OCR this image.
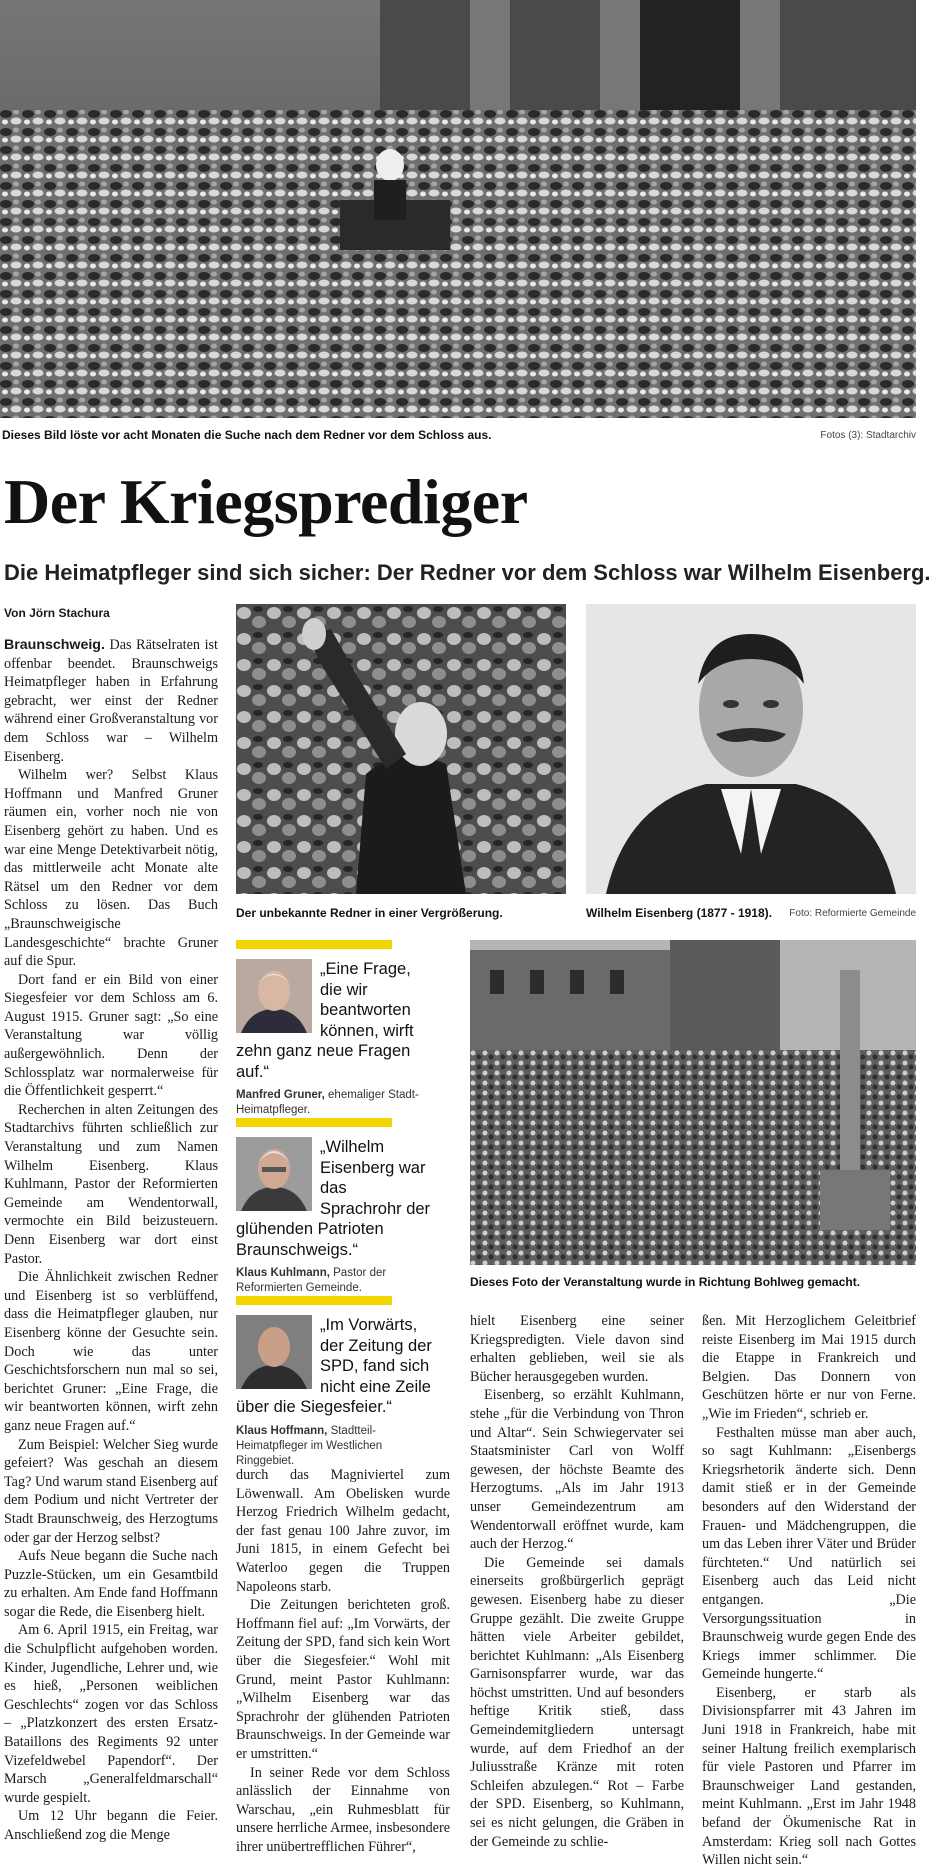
Dieses Bild löste vor acht Monaten die Suche nach dem Redner vor dem Schloss aus.	Fotos (3): Stadtarchiv
Der Kriegsprediger
Die Heimatpfleger sind sich sicher: Der Redner vor dem Schloss war Wilhelm Eisenberg.
Von Jörn Stachura
Der unbekannte Redner in einer Vergrößerung.	Wilhelm Eisenberg (1877 - 1918). Foto: Reformierte Gemeinde
Dieses Foto der Veranstaltung wurde in Richtung Bohlweg gemacht.
„Eine Frage, die wir beantworten können, wirft zehn ganz neue Fragen auf.“
Manfred Gruner, ehemaliger Stadt-Heimatpfleger.
„Wilhelm Eisenberg war das Sprachrohr der glühenden Patrioten Braunschweigs.“
Klaus Kuhlmann, Pastor der Reformierten Gemeinde.
„Im Vorwärts, der Zeitung der SPD, fand sich nicht eine Zeile über die Siegesfeier.“
Klaus Hoffmann, Stadtteil-Heimatpfleger im Westlichen Ringgebiet.

Braunschweig. Das Rätselraten ist offenbar beendet. Braunschweigs Heimatpfleger haben in Erfahrung gebracht, wer einst der Redner während einer Großveranstaltung vor dem Schloss war – Wilhelm Eisenberg.

Wilhelm wer? Selbst Klaus Hoffmann und Manfred Gruner räumen ein, vorher noch nie von Eisenberg gehört zu haben. Und es war eine Menge Detektivarbeit nötig, das mittlerweile acht Monate alte Rätsel um den Redner vor dem Schloss zu lösen. Das Buch „Braunschweigische Landesgeschichte“ brachte Gruner auf die Spur.

Dort fand er ein Bild von einer Siegesfeier vor dem Schloss am 6. August 1915. Gruner sagt: „So eine Veranstaltung war völlig außergewöhnlich. Denn der Schlossplatz war normalerweise für die Öffentlichkeit gesperrt.“

Recherchen in alten Zeitungen des Stadtarchivs führten schließlich zur Veranstaltung und zum Namen Wilhelm Eisenberg. Klaus Kuhlmann, Pastor der Reformierten Gemeinde am Wendentorwall, vermochte ein Bild beizusteuern. Denn Eisenberg war dort einst Pastor.

Die Ähnlichkeit zwischen Redner und Eisenberg ist so verblüffend, dass die Heimatpfleger glauben, nur Eisenberg könne der Gesuchte sein. Doch wie das unter Geschichtsforschern nun mal so sei, berichtet Gruner: „Eine Frage, die wir beantworten können, wirft zehn ganz neue Fragen auf.“

Zum Beispiel: Welcher Sieg wurde gefeiert? Was geschah an diesem Tag? Und warum stand Eisenberg auf dem Podium und nicht Vertreter der Stadt Braunschweig, des Herzogtums oder gar der Herzog selbst?

Aufs Neue begann die Suche nach Puzzle-Stücken, um ein Gesamtbild zu erhalten. Am Ende fand Hoffmann sogar die Rede, die Eisenberg hielt.

Am 6. April 1915, ein Freitag, war die Schulpflicht aufgehoben worden. Kinder, Jugendliche, Lehrer und, wie es hieß, „Personen weiblichen Geschlechts“ zogen vor das Schloss – „Platzkonzert des ersten Ersatz-Bataillons des Regiments 92 unter Vizefeldwebel Papendorf“. Der Marsch „Generalfeldmarschall“ wurde gespielt.

Um 12 Uhr begann die Feier. Anschließend zog die Menge

durch das Magniviertel zum Löwenwall. Am Obelisken wurde Herzog Friedrich Wilhelm gedacht, der fast genau 100 Jahre zuvor, im Juni 1815, in einem Gefecht bei Waterloo gegen die Truppen Napoleons starb.

Die Zeitungen berichteten groß. Hoffmann fiel auf: „Im Vorwärts, der Zeitung der SPD, fand sich kein Wort über die Siegesfeier.“ Wohl mit Grund, meint Pastor Kuhlmann: „Wilhelm Eisenberg war das Sprachrohr der glühenden Patrioten Braunschweigs. In der Gemeinde war er umstritten.“

In seiner Rede vor dem Schloss anlässlich der Einnahme von Warschau, „ein Ruhmesblatt für unsere herrliche Armee, insbesondere ihrer unübertrefflichen Führer“,

hielt Eisenberg eine seiner Kriegspredigten. Viele davon sind erhalten geblieben, weil sie als Bücher herausgegeben wurden.

Eisenberg, so erzählt Kuhlmann, stehe „für die Verbindung von Thron und Altar“. Sein Schwiegervater sei Staatsminister Carl von Wolff gewesen, der höchste Beamte des Herzogtums. „Als im Jahr 1913 unser Gemeindezentrum am Wendentorwall eröffnet wurde, kam auch der Herzog.“

Die Gemeinde sei damals einerseits großbürgerlich geprägt gewesen. Eisenberg habe zu dieser Gruppe gezählt. Die zweite Gruppe hätten viele Arbeiter gebildet, berichtet Kuhlmann: „Als Eisenberg Garnisonspfarrer wurde, war das höchst umstritten. Und auf besonders heftige Kritik stieß, dass Gemeindemitgliedern untersagt wurde, auf dem Friedhof an der Juliusstraße Kränze mit roten Schleifen abzulegen.“ Rot – Farbe der SPD. Eisenberg, so Kuhlmann, sei es nicht gelungen, die Gräben in der Gemeinde zu schlie-

ßen. Mit Herzoglichem Geleitbrief reiste Eisenberg im Mai 1915 durch die Etappe in Frankreich und Belgien. Das Donnern von Geschützen hörte er nur von Ferne. „Wie im Frieden“, schrieb er.

Festhalten müsse man aber auch, so sagt Kuhlmann: „Eisenbergs Kriegsrhetorik änderte sich. Denn damit stieß er in der Gemeinde besonders auf den Widerstand der Frauen- und Mädchengruppen, die um das Leben ihrer Väter und Brüder fürchteten.“ Und natürlich sei Eisenberg auch das Leid nicht entgangen. „Die Versorgungssituation in Braunschweig wurde gegen Ende des Kriegs immer schlimmer. Die Gemeinde hungerte.“

Eisenberg, er starb als Divisionspfarrer mit 43 Jahren im Juni 1918 in Frankreich, habe mit seiner Haltung freilich exemplarisch für viele Pastoren und Pfarrer im Braunschweiger Land gestanden, meint Kuhlmann. „Erst im Jahr 1948 befand der Ökumenische Rat in Amsterdam: Krieg soll nach Gottes Willen nicht sein.“
